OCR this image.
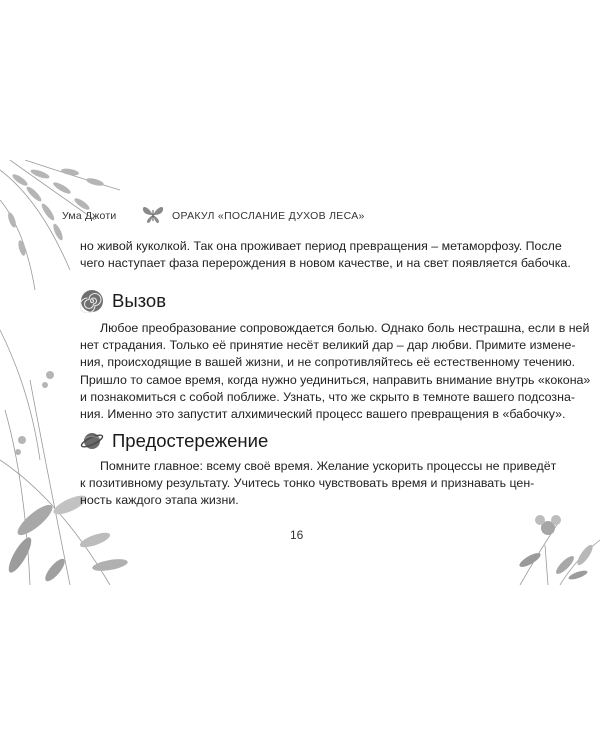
Ума Джоти	ОРАКУЛ «ПОСЛАНИЕ ДУХОВ ЛЕСА»

но живой куколкой. Так она проживает период превращения – метаморфозу. После
чего наступает фаза перерождения в новом качестве, и на свет появляется бабочка.

Вызов

Любое преобразование сопровождается болью. Однако боль нестрашна, если в ней
нет страдания. Только её принятие несёт великий дар – дар любви. Примите измене-
ния, происходящие в вашей жизни, и не сопротивляйтесь её естественному течению.
Пришло то самое время, когда нужно уединиться, направить внимание внутрь «кокона»
и познакомиться с собой поближе. Узнать, что же скрыто в темноте вашего подсозна-
ния. Именно это запустит алхимический процесс вашего превращения в «бабочку».

Предостережение

Помните главное: всему своё время. Желание ускорить процессы не приведёт
к позитивному результату. Учитесь тонко чувствовать время и признавать цен-
ность каждого этапа жизни.

16
